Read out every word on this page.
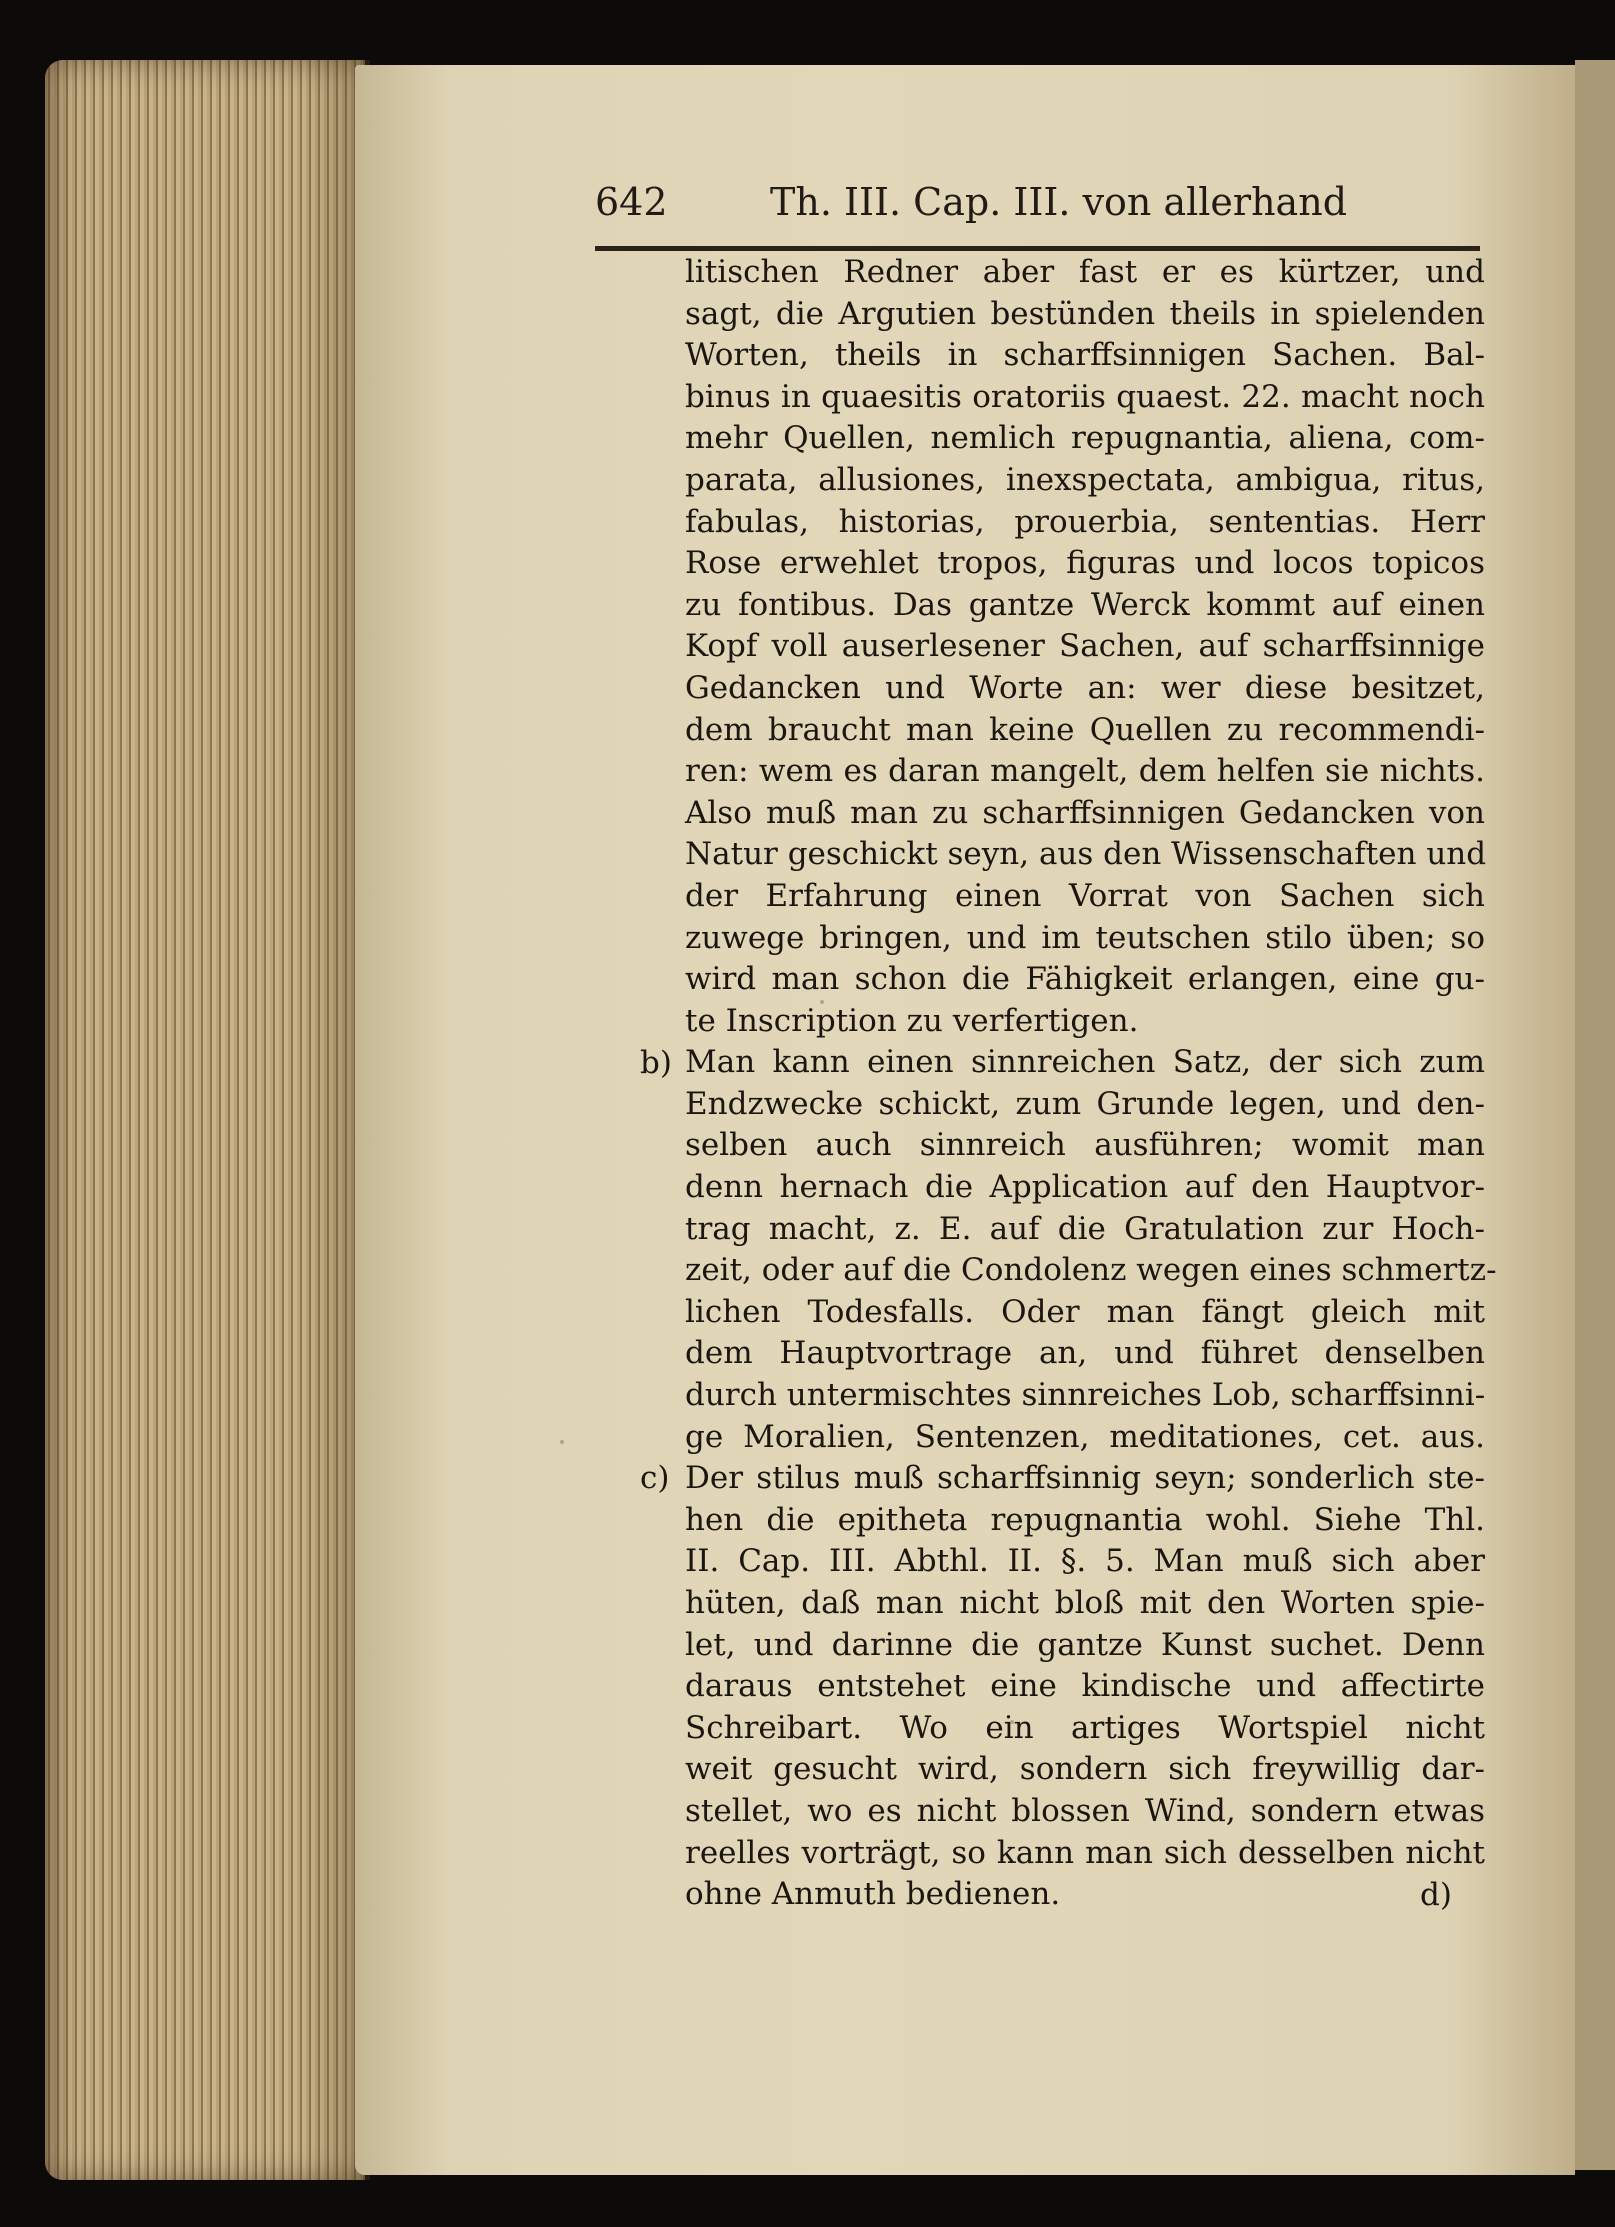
642	Th. III. Cap. III. von allerhand
litischen Redner aber fast er es kürtzer, und
sagt, die Argutien bestünden theils in spielenden
Worten, theils in scharffsinnigen Sachen. Bal-
binus in quaesitis oratoriis quaest. 22. macht noch
mehr Quellen, nemlich repugnantia, aliena, com-
parata, allusiones, inexspectata, ambigua, ritus,
fabulas, historias, prouerbia, sententias. Herr
Rose erwehlet tropos, figuras und locos topicos
zu fontibus. Das gantze Werck kommt auf einen
Kopf voll auserlesener Sachen, auf scharffsinnige
Gedancken und Worte an: wer diese besitzet,
dem braucht man keine Quellen zu recommendi-
ren: wem es daran mangelt, dem helfen sie nichts.
Also muß man zu scharffsinnigen Gedancken von
Natur geschickt seyn, aus den Wissenschaften und
der Erfahrung einen Vorrat von Sachen sich
zuwege bringen, und im teutschen stilo üben; so
wird man schon die Fähigkeit erlangen, eine gu-
te Inscription zu verfertigen.
Man kann einen sinnreichen Satz, der sich zum
Endzwecke schickt, zum Grunde legen, und den-
selben auch sinnreich ausführen; womit man
denn hernach die Application auf den Hauptvor-
trag macht, z. E. auf die Gratulation zur Hoch-
zeit, oder auf die Condolenz wegen eines schmertz-
lichen Todesfalls. Oder man fängt gleich mit
dem Hauptvortrage an, und führet denselben
durch untermischtes sinnreiches Lob, scharffsinni-
ge Moralien, Sentenzen, meditationes, cet. aus.
Der stilus muß scharffsinnig seyn; sonderlich ste-
hen die epitheta repugnantia wohl. Siehe Thl.
II. Cap. III. Abthl. II. §. 5. Man muß sich aber
hüten, daß man nicht bloß mit den Worten spie-
let, und darinne die gantze Kunst suchet. Denn
daraus entstehet eine kindische und affectirte
Schreibart. Wo ein artiges Wortspiel nicht
weit gesucht wird, sondern sich freywillig dar-
stellet, wo es nicht blossen Wind, sondern etwas
reelles vorträgt, so kann man sich desselben nicht
ohne Anmuth bedienen.
b)
c)
d)
